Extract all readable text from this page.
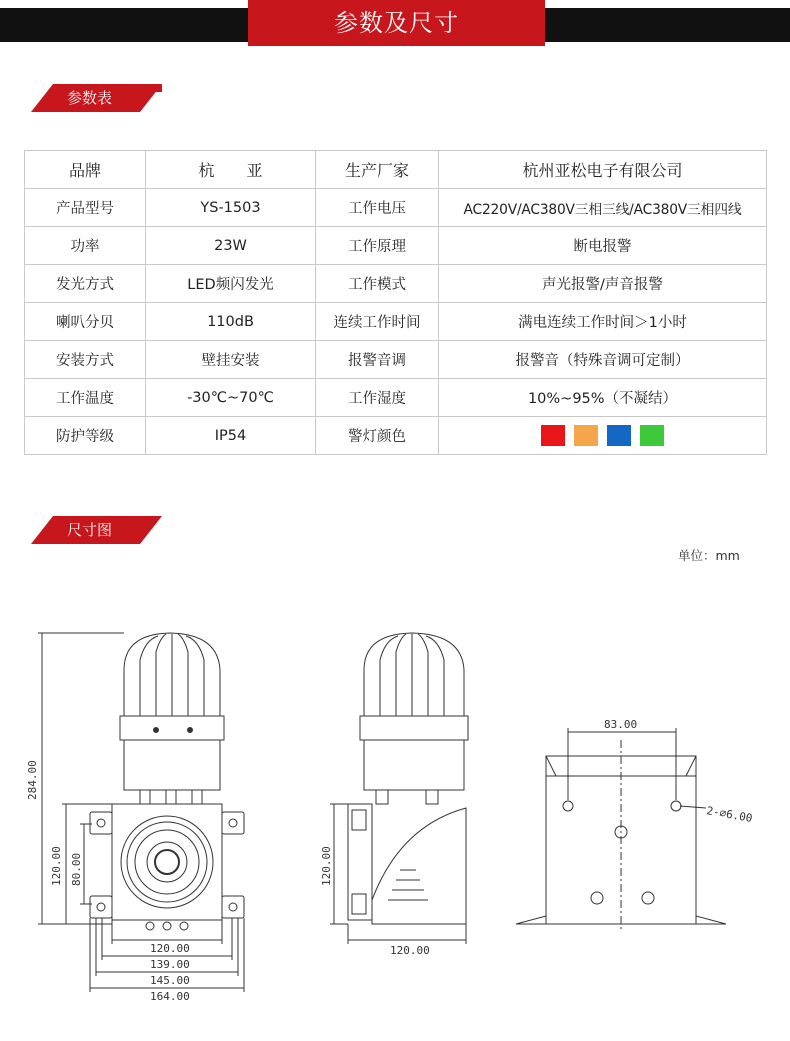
参数及尺寸
参数表
品牌	杭　　亚	生产厂家	杭州亚松电子有限公司
产品型号	YS-1503	工作电压	AC220V/AC380V三相三线/AC380V三相四线
功率	23W	工作原理	断电报警
发光方式	LED频闪发光	工作模式	声光报警/声音报警
喇叭分贝	110dB	连续工作时间	满电连续工作时间＞1小时
安装方式	壁挂安装	报警音调	报警音（特殊音调可定制）
工作温度	-30℃~70℃	工作湿度	10%~95%（不凝结）
防护等级	IP54	警灯颜色	
尺寸图
单位：mm
284.00
120.00 80.00
120.00
139.00
145.00
164.00
120.00
120.00
83.00
2-⌀6.00
